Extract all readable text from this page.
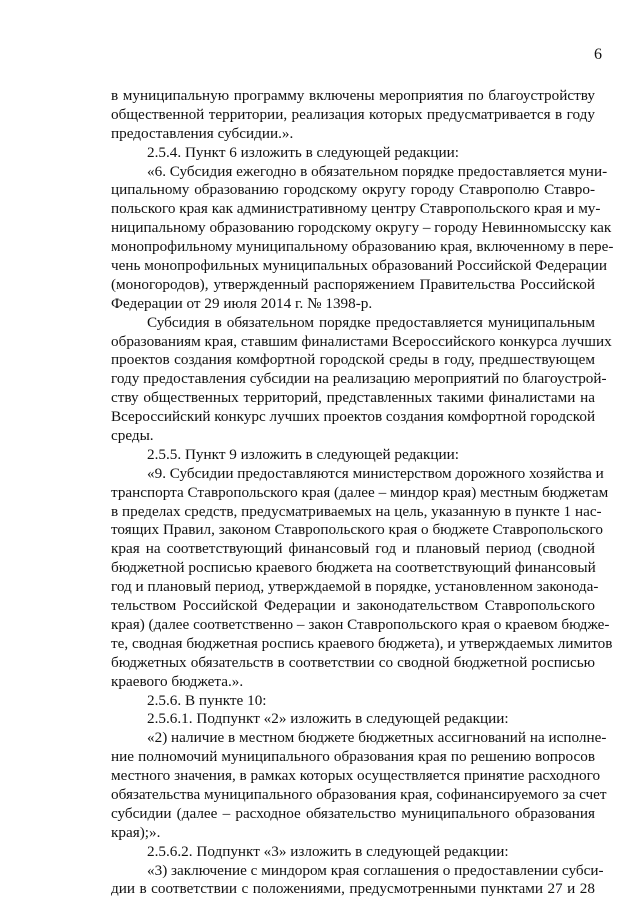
6
в муниципальную программу включены мероприятия по благоустройству
общественной территории, реализация которых предусматривается в году
предоставления субсидии.».
2.5.4. Пункт 6 изложить в следующей редакции:
«6. Субсидия ежегодно в обязательном порядке предоставляется муни-
ципальному образованию городскому округу городу Ставрополю Ставро-
польского края как административному центру Ставропольского края и му-
ниципальному образованию городскому округу – городу Невинномысску как
монопрофильному муниципальному образованию края, включенному в пере-
чень монопрофильных муниципальных образований Российской Федерации
(моногородов), утвержденный распоряжением Правительства Российской
Федерации от 29 июля 2014 г. № 1398-р.
Субсидия в обязательном порядке предоставляется муниципальным
образованиям края, ставшим финалистами Всероссийского конкурса лучших
проектов создания комфортной городской среды в году, предшествующем
году предоставления субсидии на реализацию мероприятий по благоустрой-
ству общественных территорий, представленных такими финалистами на
Всероссийский конкурс лучших проектов создания комфортной городской
среды.
2.5.5. Пункт 9 изложить в следующей редакции:
«9. Субсидии предоставляются министерством дорожного хозяйства и
транспорта Ставропольского края (далее – миндор края) местным бюджетам
в пределах средств, предусматриваемых на цель, указанную в пункте 1 нас-
тоящих Правил, законом Ставропольского края о бюджете Ставропольского
края на соответствующий финансовый год и плановый период (сводной
бюджетной росписью краевого бюджета на соответствующий финансовый
год и плановый период, утверждаемой в порядке, установленном законода-
тельством Российской Федерации и законодательством Ставропольского
края) (далее соответственно – закон Ставропольского края о краевом бюдже-
те, сводная бюджетная роспись краевого бюджета), и утверждаемых лимитов
бюджетных обязательств в соответствии со сводной бюджетной росписью
краевого бюджета.».
2.5.6. В пункте 10:
2.5.6.1. Подпункт «2» изложить в следующей редакции:
«2) наличие в местном бюджете бюджетных ассигнований на исполне-
ние полномочий муниципального образования края по решению вопросов
местного значения, в рамках которых осуществляется принятие расходного
обязательства муниципального образования края, софинансируемого за счет
субсидии (далее – расходное обязательство муниципального образования
края);».
2.5.6.2. Подпункт «3» изложить в следующей редакции:
«3) заключение с миндором края соглашения о предоставлении субси-
дии в соответствии с положениями, предусмотренными пунктами 27 и 28
